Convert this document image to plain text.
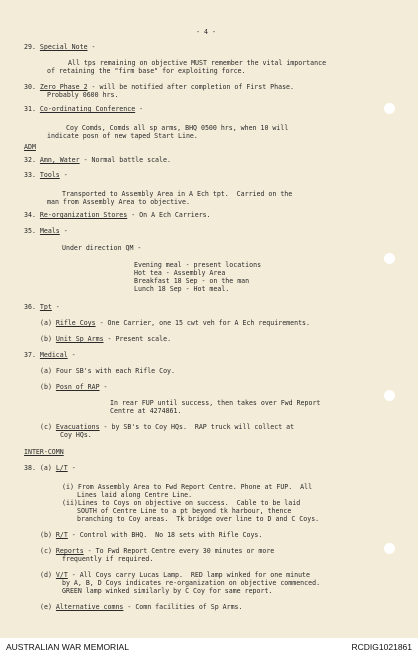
- 4 -
29. Special Note -
All tps remaining on objective MUST remember the vital importance
of retaining the "firm base" for exploiting force.
30. Zero Phase 2 - will be notified after completion of First Phase.
Probably 0600 hrs.
31. Co-ordinating Conference -
Coy Comds, Comds all sp arms, BHQ 0500 hrs, when 10 will
indicate posn of new taped Start Line.
ADM
32. Amn, Water - Normal battle scale.
33. Tools -
Transported to Assembly Area in A Ech tpt.  Carried on the
man from Assembly Area to objective.
34. Re-organization Stores - On A Ech Carriers.
35. Meals -
Under direction QM -
Evening meal - present locations
Hot tea - Assembly Area
Breakfast 18 Sep - on the man
Lunch 18 Sep - Hot meal.
36. Tpt -
(a) Rifle Coys - One Carrier, one 15 cwt veh for A Ech requirements.
(b) Unit Sp Arms - Present scale.
37. Medical -
(a) Four SB's with each Rifle Coy.
(b) Posn of RAP -
In rear FUP until success, then takes over Fwd Report
Centre at 4274861.
(c) Evacuations - by SB's to Coy HQs.  RAP truck will collect at
Coy HQs.
INTER-COMN
38. (a) L/T -
(i) From Assembly Area to Fwd Report Centre. Phone at FUP.  All
Lines laid along Centre Line.
(ii)Lines to Coys on objective on success.  Cable to be laid
SOUTH of Centre Line to a pt beyond tk harbour, thence
branching to Coy areas.  Tk bridge over line to D and C Coys.
(b) R/T - Control with BHQ.  No 18 sets with Rifle Coys.
(c) Reports - To Fwd Report Centre every 30 minutes or more
frequently if required.
(d) V/T - All Coys carry Lucas Lamp.  RED lamp winked for one minute
by A, B, D Coys indicates re-organization on objective commenced.
GREEN lamp winked similarly by C Coy for same report.
(e) Alternative comns - Comn facilities of Sp Arms.
AUSTRALIAN WAR MEMORIAL	RCDIG1021861
